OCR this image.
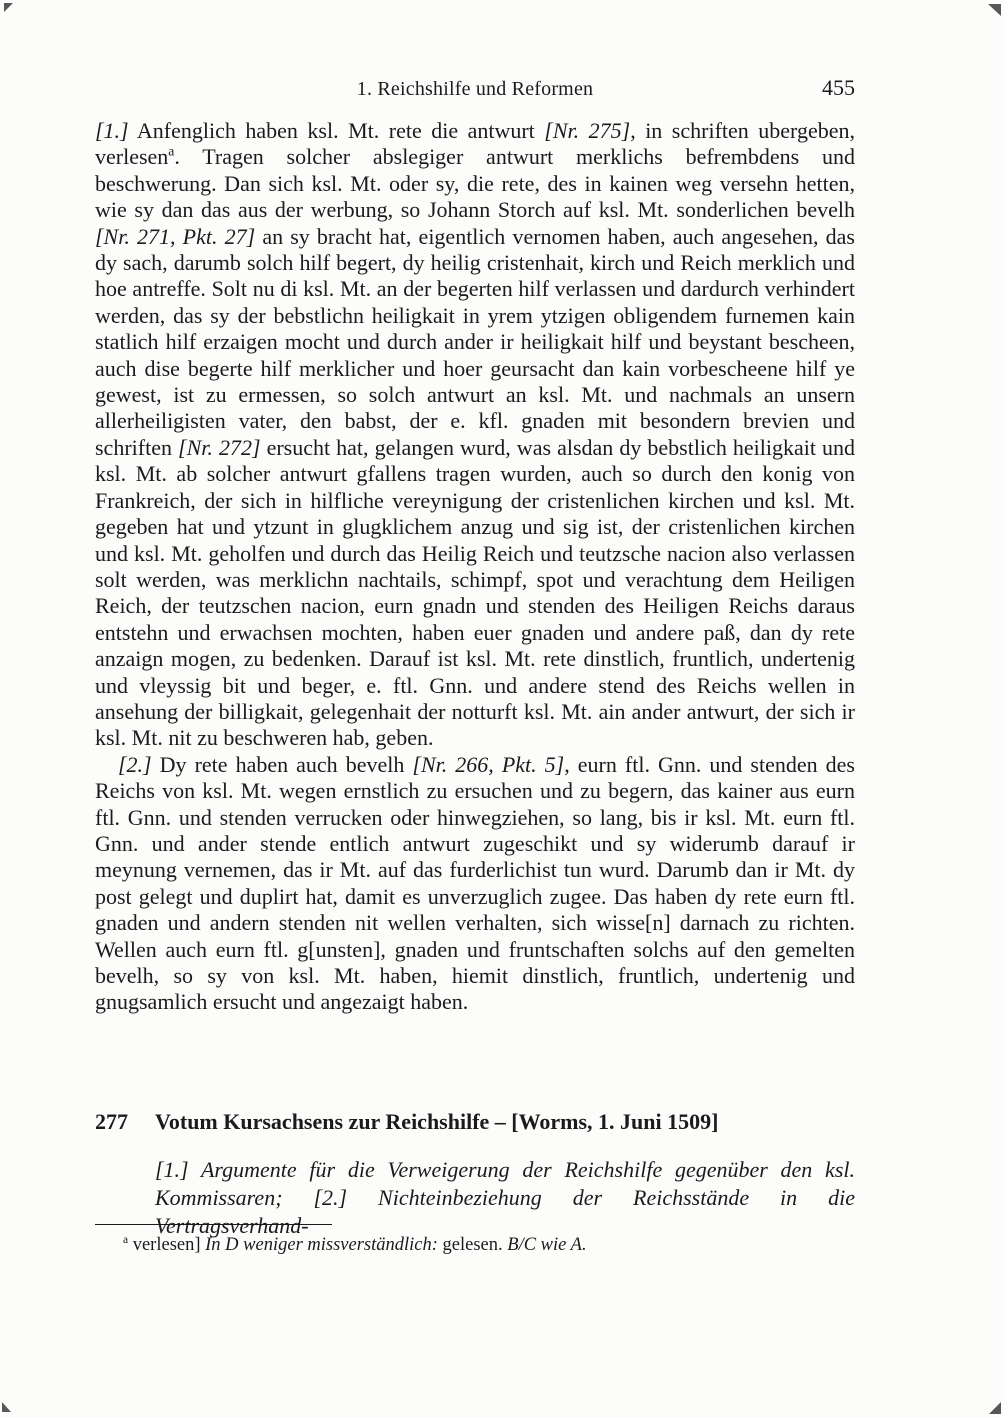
1. Reichshilfe und Reformen	455

[1.] Anfenglich haben ksl. Mt. rete die antwurt [Nr. 275], in schriften ubergeben, verlesen$^a$. Tragen solcher abslegiger antwurt merklichs befrembdens und beschwerung. Dan sich ksl. Mt. oder sy, die rete, des in kainen weg versehn hetten, wie sy dan das aus der werbung, so Johann Storch auf ksl. Mt. sonderlichen bevelh [Nr. 271, Pkt. 27] an sy bracht hat, eigentlich vernomen haben, auch angesehen, das dy sach, darumb solch hilf begert, dy heilig cristenhait, kirch und Reich merklich und hoe antreffe. Solt nu di ksl. Mt. an der begerten hilf verlassen und dardurch verhindert werden, das sy der bebstlichn heiligkait in yrem ytzigen obligendem furnemen kain statlich hilf erzaigen mocht und durch ander ir heiligkait hilf und beystant bescheen, auch dise begerte hilf merklicher und hoer geursacht dan kain vorbescheene hilf ye gewest, ist zu ermessen, so solch antwurt an ksl. Mt. und nachmals an unsern allerheiligisten vater, den babst, der e. kfl. gnaden mit besondern brevien und schriften [Nr. 272] ersucht hat, gelangen wurd, was alsdan dy bebstlich heiligkait und ksl. Mt. ab solcher antwurt gfallens tragen wurden, auch so durch den konig von Frankreich, der sich in hilfliche vereynigung der cristenlichen kirchen und ksl. Mt. gegeben hat und ytzunt in glugklichem anzug und sig ist, der cristenlichen kirchen und ksl. Mt. geholfen und durch das Heilig Reich und teutzsche nacion also verlassen solt werden, was merklichn nachtails, schimpf, spot und verachtung dem Heiligen Reich, der teutzschen nacion, eurn gnadn und stenden des Heiligen Reichs daraus entstehn und erwachsen mochten, haben euer gnaden und andere paß, dan dy rete anzaign mogen, zu bedenken. Darauf ist ksl. Mt. rete dinstlich, fruntlich, undertenig und vleyssig bit und beger, e. ftl. Gnn. und andere stend des Reichs wellen in ansehung der billigkait, gelegenhait der notturft ksl. Mt. ain ander antwurt, der sich ir ksl. Mt. nit zu beschweren hab, geben.

[2.] Dy rete haben auch bevelh [Nr. 266, Pkt. 5], eurn ftl. Gnn. und stenden des Reichs von ksl. Mt. wegen ernstlich zu ersuchen und zu begern, das kainer aus eurn ftl. Gnn. und stenden verrucken oder hinwegziehen, so lang, bis ir ksl. Mt. eurn ftl. Gnn. und ander stende entlich antwurt zugeschikt und sy widerumb darauf ir meynung vernemen, das ir Mt. auf das furderlichist tun wurd. Darumb dan ir Mt. dy post gelegt und duplirt hat, damit es unverzuglich zugee. Das haben dy rete eurn ftl. gnaden und andern stenden nit wellen verhalten, sich wisse[n] darnach zu richten. Wellen auch eurn ftl. g[unsten], gnaden und fruntschaften solchs auf den gemelten bevelh, so sy von ksl. Mt. haben, hiemit dinstlich, fruntlich, undertenig und gnugsamlich ersucht und angezaigt haben.

277	Votum Kursachsens zur Reichshilfe – [Worms, 1. Juni 1509]

[1.] Argumente für die Verweigerung der Reichshilfe gegenüber den ksl. Kommissaren; [2.] Nichteinbeziehung der Reichsstände in die Vertragsverhand-

$^a$ verlesen] In D weniger missverständlich: gelesen. B/C wie A.
